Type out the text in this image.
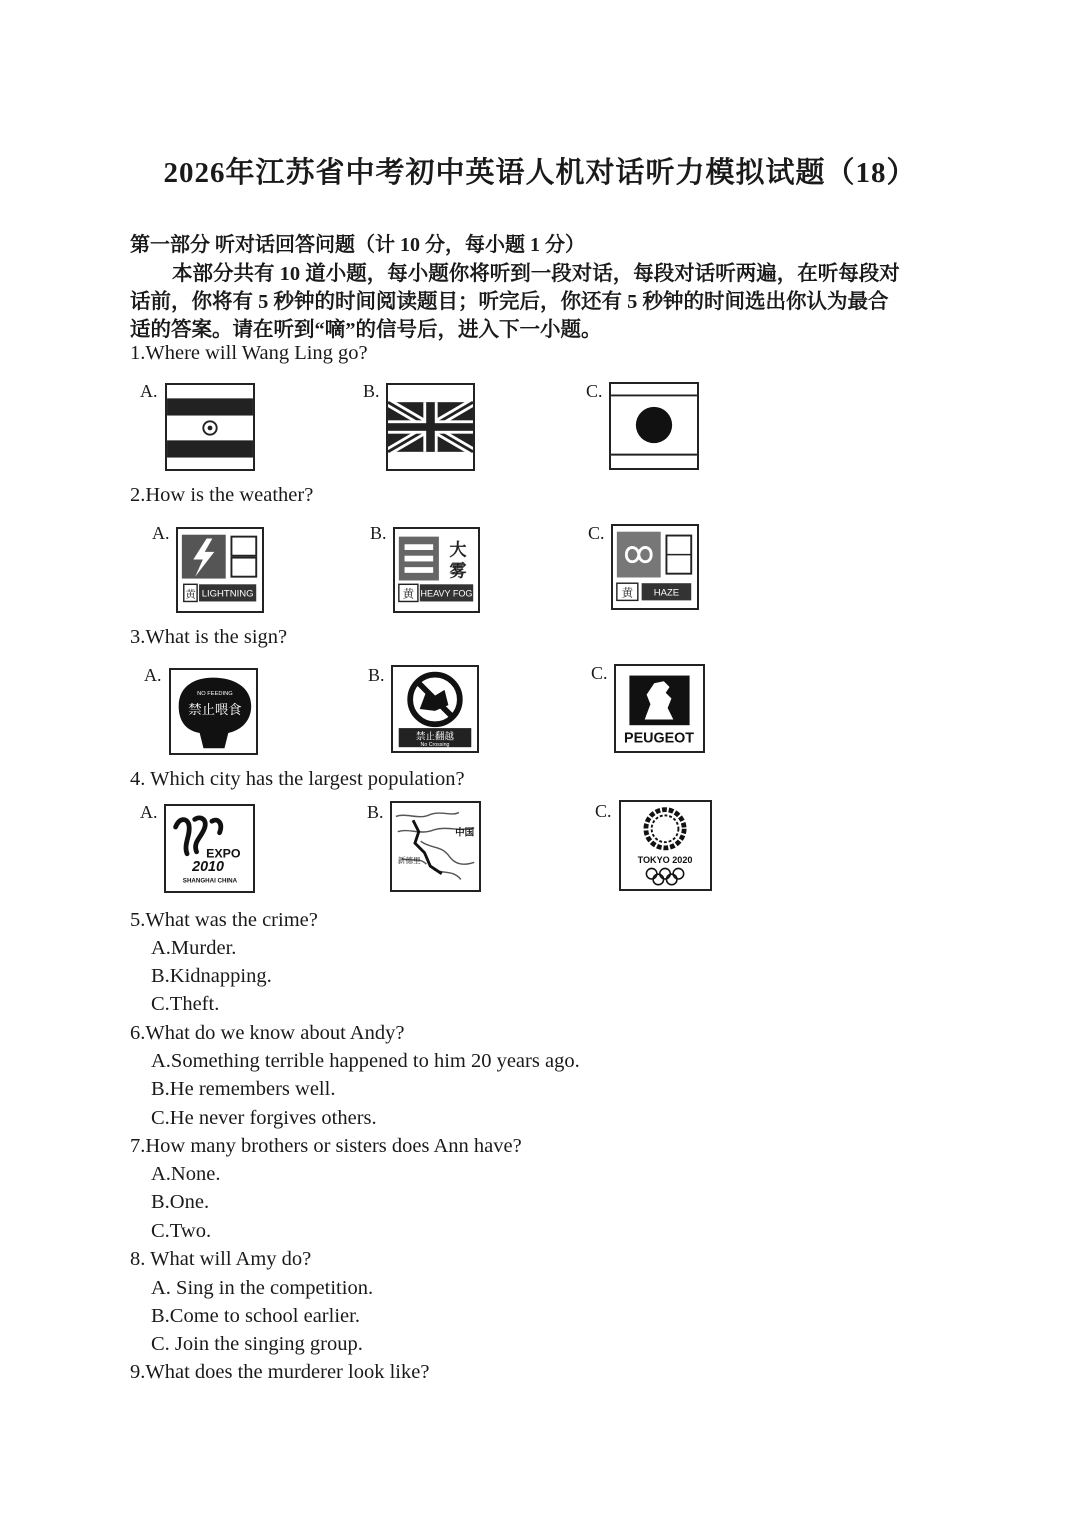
2026年江苏省中考初中英语人机对话听力模拟试题（18）
第一部分 听对话回答问题（计 10 分，每小题 1 分）
本部分共有 10 道小题，每小题你将听到一段对话，每段对话听两遍，在听每段对
话前，你将有 5 秒钟的时间阅读题目；听完后，你还有 5 秒钟的时间选出你认为最合
适的答案。请在听到“嘀”的信号后，进入下一小题。
1.Where will Wang Ling go?
A.	B.	C.
2.How is the weather?
A.
黄 LIGHTNING
B.
大
雾
黄 HEAVY FOG
C.
黄 HAZE
3.What is the sign?
A.
NO FEEDING
禁止喂食
B.
禁止翻越
No Crossing
C.
PEUGEOT
4. Which city has the largest population?
A.
EXPO
2010
SHANGHAI CHINA
B.
中国
新德里
C.
TOKYO 2020
5.What was the crime?
A.Murder.
B.Kidnapping.
C.Theft.
6.What do we know about Andy?
A.Something terrible happened to him 20 years ago.
B.He remembers well.
C.He never forgives others.
7.How many brothers or sisters does Ann have?
A.None.
B.One.
C.Two.
8. What will Amy do?
A. Sing in the competition.
B.Come to school earlier.
C. Join the singing group.
9.What does the murderer look like?
